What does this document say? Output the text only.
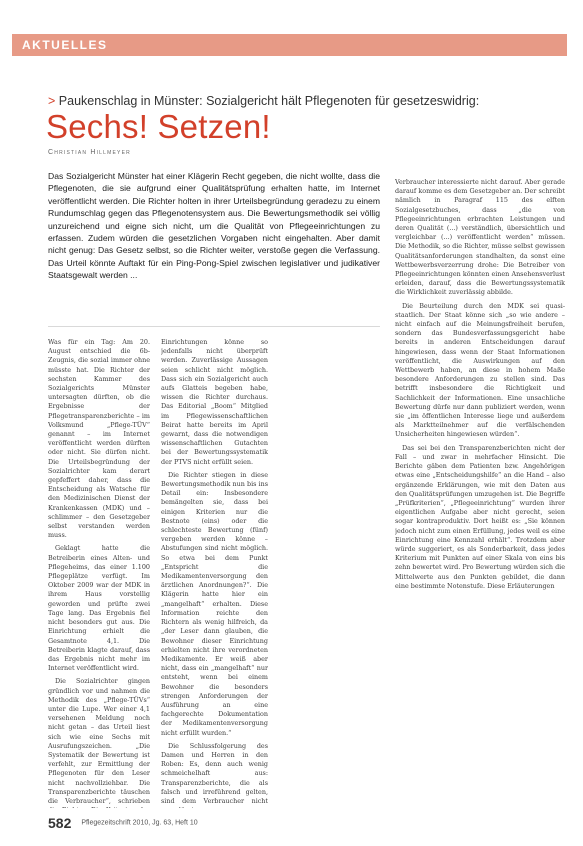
AKTUELLES
> Paukenschlag in Münster: Sozialgericht hält Pflegenoten für gesetzeswidrig:
Sechs! Setzen!
Christian Hillmeyer
Das Sozialgericht Münster hat einer Klägerin Recht gegeben, die nicht wollte, dass die Pflegenoten, die sie aufgrund einer Qualitätsprüfung erhalten hatte, im Internet veröffentlicht werden. Die Richter holten in ihrer Urteilsbegründung geradezu zu einem Rundumschlag gegen das Pflegenotensystem aus. Die Bewertungsmethodik sei völlig unzureichend und eigne sich nicht, um die Qualität von Pflegeeinrichtungen zu erfassen. Zudem würden die gesetzlichen Vorgaben nicht eingehalten. Aber damit nicht genug: Das Gesetz selbst, so die Richter weiter, verstoße gegen die Verfassung. Das Urteil könnte Auftakt für ein Ping-Pong-Spiel zwischen legislativer und judikativer Staatsgewalt werden ...

Was für ein Tag: Am 20. August entschied die 6b-Zeugnis, die sozial immer ohne müsste hat. Die Richter der sechsten Kammer des Sozialgerichts Münster untersagten dürften, ob die Ergebnisse der Pflegetransparenzberichte – im Volksmund „Pflege-TÜV“ genannt – im Internet veröffentlicht werden dürften oder nicht. Sie dürfen nicht. Die Urteilsbegründung der Sozialrichter kam derart gepfeffert daher, dass die Entscheidung als Watsche für den Medizinischen Dienst der Krankenkassen (MDK) und – schlimmer – den Gesetzgeber selbst verstanden werden muss.

Geklagt hatte die Betreiberin eines Alten- und Pflegeheims, das einer 1.100 Pflegeplätze verfügt. Im Oktober 2009 war der MDK in ihrem Haus vorstellig geworden und prüfte zwei Tage lang. Das Ergebnis fiel nicht besonders gut aus. Die Einrichtung erhielt die Gesamtnote 4,1. Die Betreiberin klagte darauf, dass das Ergebnis nicht mehr im Internet veröffentlicht wird.

Die Sozialrichter gingen gründlich vor und nahmen die Methodik des „Pflege-TÜVs“ unter die Lupe. Wer einer 4,1 versehenen Meldung noch nicht getan – das Urteil liest sich wie eine Sechs mit Ausrufungszeichen. „Die Systematik der Bewertung ist verfehlt, zur Ermittlung der Pflegenoten für den Leser nicht nachvollziehbar. Die Transparenzberichte täuschen die Verbraucher“, schrieben

Einrichtungen könne so jedenfalls nicht überprüft werden. Zuverlässige Aussagen seien schlicht nicht möglich. Dass sich ein Sozialgericht auch aufs Glatteis begeben habe, wissen die Richter durchaus. Das Editorial „Boom“ Mitglied im Pflegewissenschaftlichen Beirat hatte bereits im April gewarnt, dass die notwendigen wissenschaftlichen Gutachten bei der Bewertungssystematik der PTVS nicht erfüllt seien.

Die Richter stiegen in diese Bewertungsmethodik nun bis ins Detail ein: Insbesondere bemängelten sie, dass bei einigen Kriterien nur die Bestnote (eins) oder die schlechteste Bewertung (fünf) vergeben werden könne – Abstufungen sind nicht möglich. So etwa bei dem Punkt „Entspricht die Medikamentenversorgung den ärztlichen Anordnungen?“. Die Klägerin hatte hier ein „mangelhaft“ erhalten. Diese Information reichte den Richtern als wenig hilfreich, da „der Leser dann glauben, die Bewohner dieser Einrichtung erhielten nicht ihre verordneten Medikamente. Er weiß aber nicht, dass ein „mangelhaft“ nur entsteht, wenn bei einem Bewohner die besonders strengen Anforderungen der Ausführung an eine fachgerechte Dokumentation der Medikamentenversorgung nicht erfüllt wurden.“

Die Schlussfolgerung des Damen und Herren in den Roben: Es, denn auch wenig schmeichelhaft aus: Transparenzberichte, die als falsch und irreführend gelten, sind dem Verbraucher nicht

Verbraucher interessierte nicht darauf. Aber gerade darauf komme es dem Gesetzgeber an. Der schreibt nämlich in Paragraf 115 des elften Sozialgesetzbuches, dass „die von Pflegeeinrichtungen erbrachten Leistungen und deren Qualität (...) verständlich, übersichtlich und vergleichbar (...) veröffentlicht werden“ müssen. Die Methodik, so die Richter, müsse selbst gewissen Qualitätsanforderungen standhalten, da sonst eine Wettbewerbsverzerrung drohe: Die Betreiber von Pflegeeinrichtungen könnten einen Ansehensverlust erleiden, darauf, dass die Bewertungssystematik die Wirklichkeit zuverlässig abbilde.

Die Beurteilung durch den MDK sei quasi-staatlich. Der Staat könne sich „so wie andere – nicht einfach auf die Meinungsfreiheit berufen, sondern das Bundesverfassungsgericht habe bereits in anderen Entscheidungen darauf hingewiesen, dass wenn der Staat Informationen veröffentlicht, die Auswirkungen auf den Wettbewerb haben, an diese in hohem Maße besondere Anforderungen zu stellen sind. Das betrifft insbesondere die Richtigkeit und Sachlichkeit der Informationen. Eine unsachliche Bewertung dürfe nur dann publiziert werden, wenn sie „im öffentlichen Interesse liege und außerdem als Marktteilnehmer auf die verfälschenden Unsicherheiten hingewiesen würden“.

Das sei bei den Transparenzberichten nicht der Fall – und zwar in mehrfacher Hinsicht. Die Berichte gäben dem Patienten bzw. Angehörigen etwas eine „Entscheidungshilfe“ an die Hand – also ergänzende Erklärungen, wie mit den Daten aus den Qualitätsprüfungen umzugehen ist. Die Begriffe „Prüfkriterien“, „Pflegeeinrichtung“ wurden ihrer eigentlichen Aufgabe aber nicht gerecht, seien sogar kontraproduktiv. Dort heißt es: „Sie können jedoch nicht zum einen Erfüllung, jedes weil es eine Einrichtung eine Kennzahl erhält“. Trotzdem aber würde suggeriert, es als Sonderbarkeit, dass jedes Kriterium mit Punkten auf einer Skala von eins bis zehn bewertet wird. Pro Bewertung würden sich die Mittelwerte aus den Punkten gebildet, die dann eine bestimmte Notenstufe. Diese Erläuterungen

582 Pflegezeitschrift 2010, Jg. 63, Heft 10
